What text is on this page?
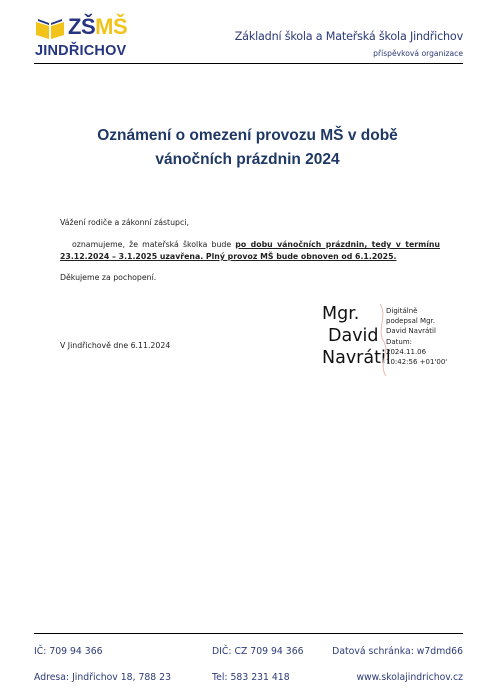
ZŠMŠ
JINDŘICHOV
Základní škola a Mateřská škola Jindřichov
příspěvková organizace
Oznámení o omezení provozu MŠ v době
vánočních prázdnin 2024
Vážení rodiče a zákonní zástupci,
oznamujeme, že mateřská školka bude po dobu vánočních prázdnin, tedy v termínu 23.12.2024 – 3.1.2025 uzavřena. Plný provoz MŠ bude obnoven od 6.1.2025.
Děkujeme za pochopení.
V Jindřichově dne 6.11.2024
Mgr.
David
Navrátil
Digitálně
podepsal Mgr.
David Navrátil
Datum:
2024.11.06
10:42:56 +01'00'
IČ: 709 94 366	DIČ: CZ 709 94 366	Datová schránka: w7dmd66
Adresa: Jindřichov 18, 788 23	Tel: 583 231 418	www.skolajindrichov.cz
